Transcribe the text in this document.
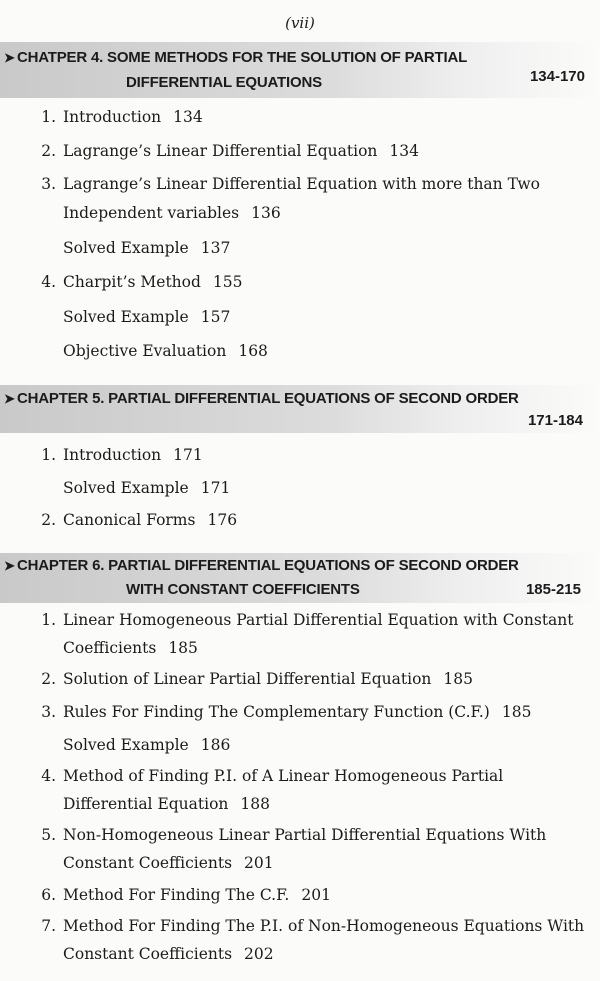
(vii)
➤ CHATPER 4. SOME METHODS FOR THE SOLUTION OF PARTIAL
DIFFERENTIAL EQUATIONS	134-170
1. Introduction 134
2. Lagrange’s Linear Differential Equation 134
3. Lagrange’s Linear Differential Equation with more than Two
Independent variables 136
Solved Example 137
4. Charpit’s Method 155
Solved Example 157
Objective Evaluation 168
➤ CHAPTER 5. PARTIAL DIFFERENTIAL EQUATIONS OF SECOND ORDER
171-184
1. Introduction 171
Solved Example 171
2. Canonical Forms 176
➤ CHAPTER 6. PARTIAL DIFFERENTIAL EQUATIONS OF SECOND ORDER
WITH CONSTANT COEFFICIENTS	185-215
1. Linear Homogeneous Partial Differential Equation with Constant
Coefficients 185
2. Solution of Linear Partial Differential Equation 185
3. Rules For Finding The Complementary Function (C.F.) 185
Solved Example 186
4. Method of Finding P.I. of A Linear Homogeneous Partial
Differential Equation 188
5. Non-Homogeneous Linear Partial Differential Equations With
Constant Coefficients 201
6. Method For Finding The C.F. 201
7. Method For Finding The P.I. of Non-Homogeneous Equations With
Constant Coefficients 202
